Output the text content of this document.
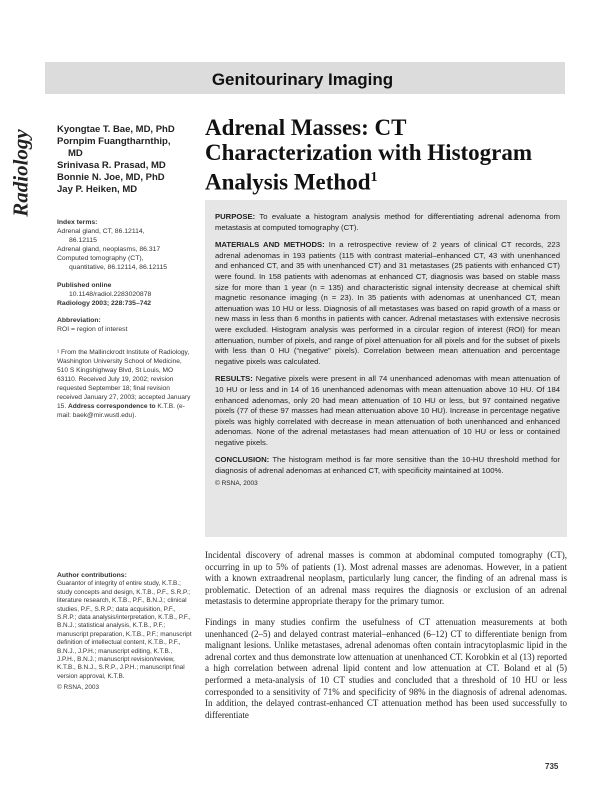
Genitourinary Imaging
Radiology	Kyongtae T. Bae, MD, PhD
Pornpim Fuangtharnthip,
MD
Srinivasa R. Prasad, MD
Bonnie N. Joe, MD, PhD
Jay P. Heiken, MD
Adrenal Masses: CT Characterization with Histogram Analysis Method$^1$
Index terms:
Adrenal gland, CT, 86.12114,
86.12115
Adrenal gland, neoplasms, 86.317
Computed tomography (CT),
quantitative, 86.12114, 86.12115
Published online
10.1148/radiol.2283020878
Radiology 2003; 228:735–742
Abbreviation:
ROI = region of interest
¹ From the Mallinckrodt Institute of Radiology, Washington University School of Medicine, 510 S Kingshighway Blvd, St Louis, MO 63110. Received July 19, 2002; revision requested September 18; final revision received January 27, 2003; accepted January 15. Address correspondence to K.T.B. (e-mail: baek@mir.wustl.edu).

PURPOSE: To evaluate a histogram analysis method for differentiating adrenal adenoma from metastasis at computed tomography (CT).

MATERIALS AND METHODS: In a retrospective review of 2 years of clinical CT records, 223 adrenal adenomas in 193 patients (115 with contrast material–enhanced CT, 43 with unenhanced and enhanced CT, and 35 with unenhanced CT) and 31 metastases (25 patients with enhanced CT) were found. In 158 patients with adenomas at enhanced CT, diagnosis was based on stable mass size for more than 1 year (n = 135) and characteristic signal intensity decrease at chemical shift magnetic resonance imaging (n = 23). In 35 patients with adenomas at unenhanced CT, mean attenuation was 10 HU or less. Diagnosis of all metastases was based on rapid growth of a mass or new mass in less than 6 months in patients with cancer. Adrenal metastases with extensive necrosis were excluded. Histogram analysis was performed in a circular region of interest (ROI) for mean attenuation, number of pixels, and range of pixel attenuation for all pixels and for the subset of pixels with less than 0 HU (“negative” pixels). Correlation between mean attenuation and percentage negative pixels was calculated.

RESULTS: Negative pixels were present in all 74 unenhanced adenomas with mean attenuation of 10 HU or less and in 14 of 16 unenhanced adenomas with mean attenuation above 10 HU. Of 184 enhanced adenomas, only 20 had mean attenuation of 10 HU or less, but 97 contained negative pixels (77 of these 97 masses had mean attenuation above 10 HU). Increase in percentage negative pixels was highly correlated with decrease in mean attenuation of both unenhanced and enhanced adenomas. None of the adrenal metastases had mean attenuation of 10 HU or less or contained negative pixels.

CONCLUSION: The histogram method is far more sensitive than the 10-HU threshold method for diagnosis of adrenal adenomas at enhanced CT, with specificity maintained at 100%.

© RSNA, 2003
Author contributions:
Guarantor of integrity of entire study, K.T.B.; study concepts and design, K.T.B., P.F., S.R.P.; literature research, K.T.B., P.F., B.N.J.; clinical studies, P.F., S.R.P.; data acquisition, P.F., S.R.P.; data analysis/interpretation, K.T.B., P.F., B.N.J.; statistical analysis, K.T.B., P.F.; manuscript preparation, K.T.B., P.F.; manuscript definition of intellectual content, K.T.B., P.F., B.N.J., J.P.H.; manuscript editing, K.T.B., J.P.H., B.N.J.; manuscript revision/review, K.T.B., B.N.J., S.R.P., J.P.H.; manuscript final version approval, K.T.B.
© RSNA, 2003

Incidental discovery of adrenal masses is common at abdominal computed tomography (CT), occurring in up to 5% of patients (1). Most adrenal masses are adenomas. However, in a patient with a known extraadrenal neoplasm, particularly lung cancer, the finding of an adrenal mass is problematic. Detection of an adrenal mass requires the diagnosis or exclusion of an adrenal metastasis to determine appropriate therapy for the primary tumor.

Findings in many studies confirm the usefulness of CT attenuation measurements at both unenhanced (2–5) and delayed contrast material–enhanced (6–12) CT to differentiate benign from malignant lesions. Unlike metastases, adrenal adenomas often contain intracytoplasmic lipid in the adrenal cortex and thus demonstrate low attenuation at unenhanced CT. Korobkin et al (13) reported a high correlation between adrenal lipid content and low attenuation at CT. Boland et al (5) performed a meta-analysis of 10 CT studies and concluded that a threshold of 10 HU or less corresponded to a sensitivity of 71% and specificity of 98% in the diagnosis of adrenal adenomas. In addition, the delayed contrast-enhanced CT attenuation method has been used successfully to differentiate

735
